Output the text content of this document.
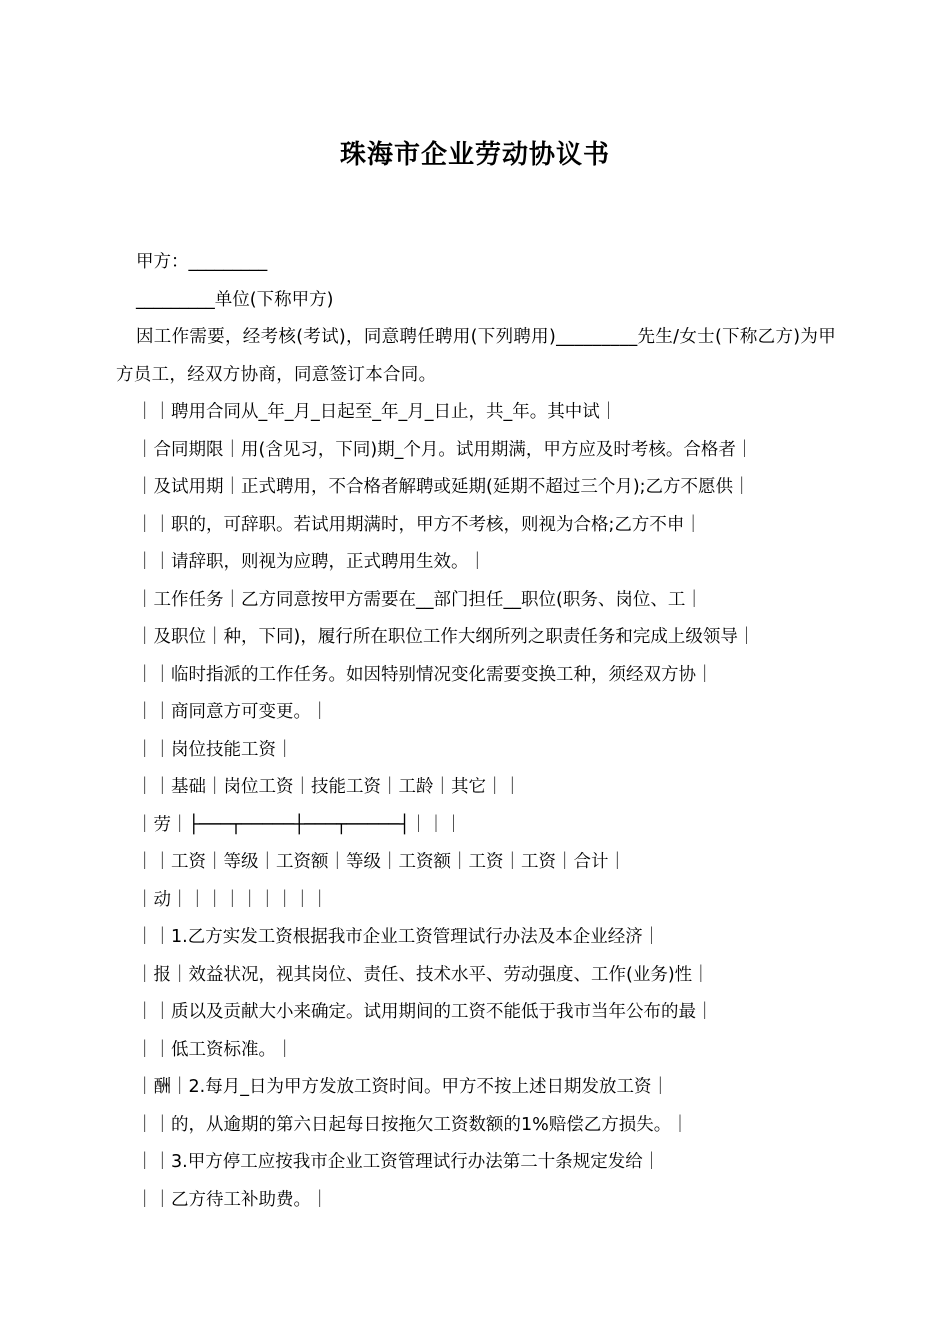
珠海市企业劳动协议书
甲方：_________
_________单位(下称甲方)
因工作需要，经考核(考试)，同意聘任聘用(下列聘用)_________先生/女士(下称乙方)为甲方员工，经双方协商，同意签订本合同。
｜｜聘用合同从_年_月_日起至_年_月_日止，共_年。其中试｜
｜合同期限｜用(含见习，下同)期_个月。试用期满，甲方应及时考核。合格者｜
｜及试用期｜正式聘用，不合格者解聘或延期(延期不超过三个月);乙方不愿供｜
｜｜职的，可辞职。若试用期满时，甲方不考核，则视为合格;乙方不申｜
｜｜请辞职，则视为应聘，正式聘用生效。｜
｜工作任务｜乙方同意按甲方需要在__部门担任__职位(职务、岗位、工｜
｜及职位｜种，下同)，履行所在职位工作大纲所列之职责任务和完成上级领导｜
｜｜临时指派的工作任务。如因特别情况变化需要变换工种，须经双方协｜
｜｜商同意方可变更。｜
｜｜岗位技能工资｜
｜｜基础｜岗位工资｜技能工资｜工龄｜其它｜｜
｜劳｜├───┬─────┼───┬─────┤｜｜｜
｜｜工资｜等级｜工资额｜等级｜工资额｜工资｜工资｜合计｜
｜动｜｜｜｜｜｜｜｜｜
｜｜1.乙方实发工资根据我市企业工资管理试行办法及本企业经济｜
｜报｜效益状况，视其岗位、责任、技术水平、劳动强度、工作(业务)性｜
｜｜质以及贡献大小来确定。试用期间的工资不能低于我市当年公布的最｜
｜｜低工资标准。｜
｜酬｜2.每月_日为甲方发放工资时间。甲方不按上述日期发放工资｜
｜｜的，从逾期的第六日起每日按拖欠工资数额的1%赔偿乙方损失。｜
｜｜3.甲方停工应按我市企业工资管理试行办法第二十条规定发给｜
｜｜乙方待工补助费。｜
